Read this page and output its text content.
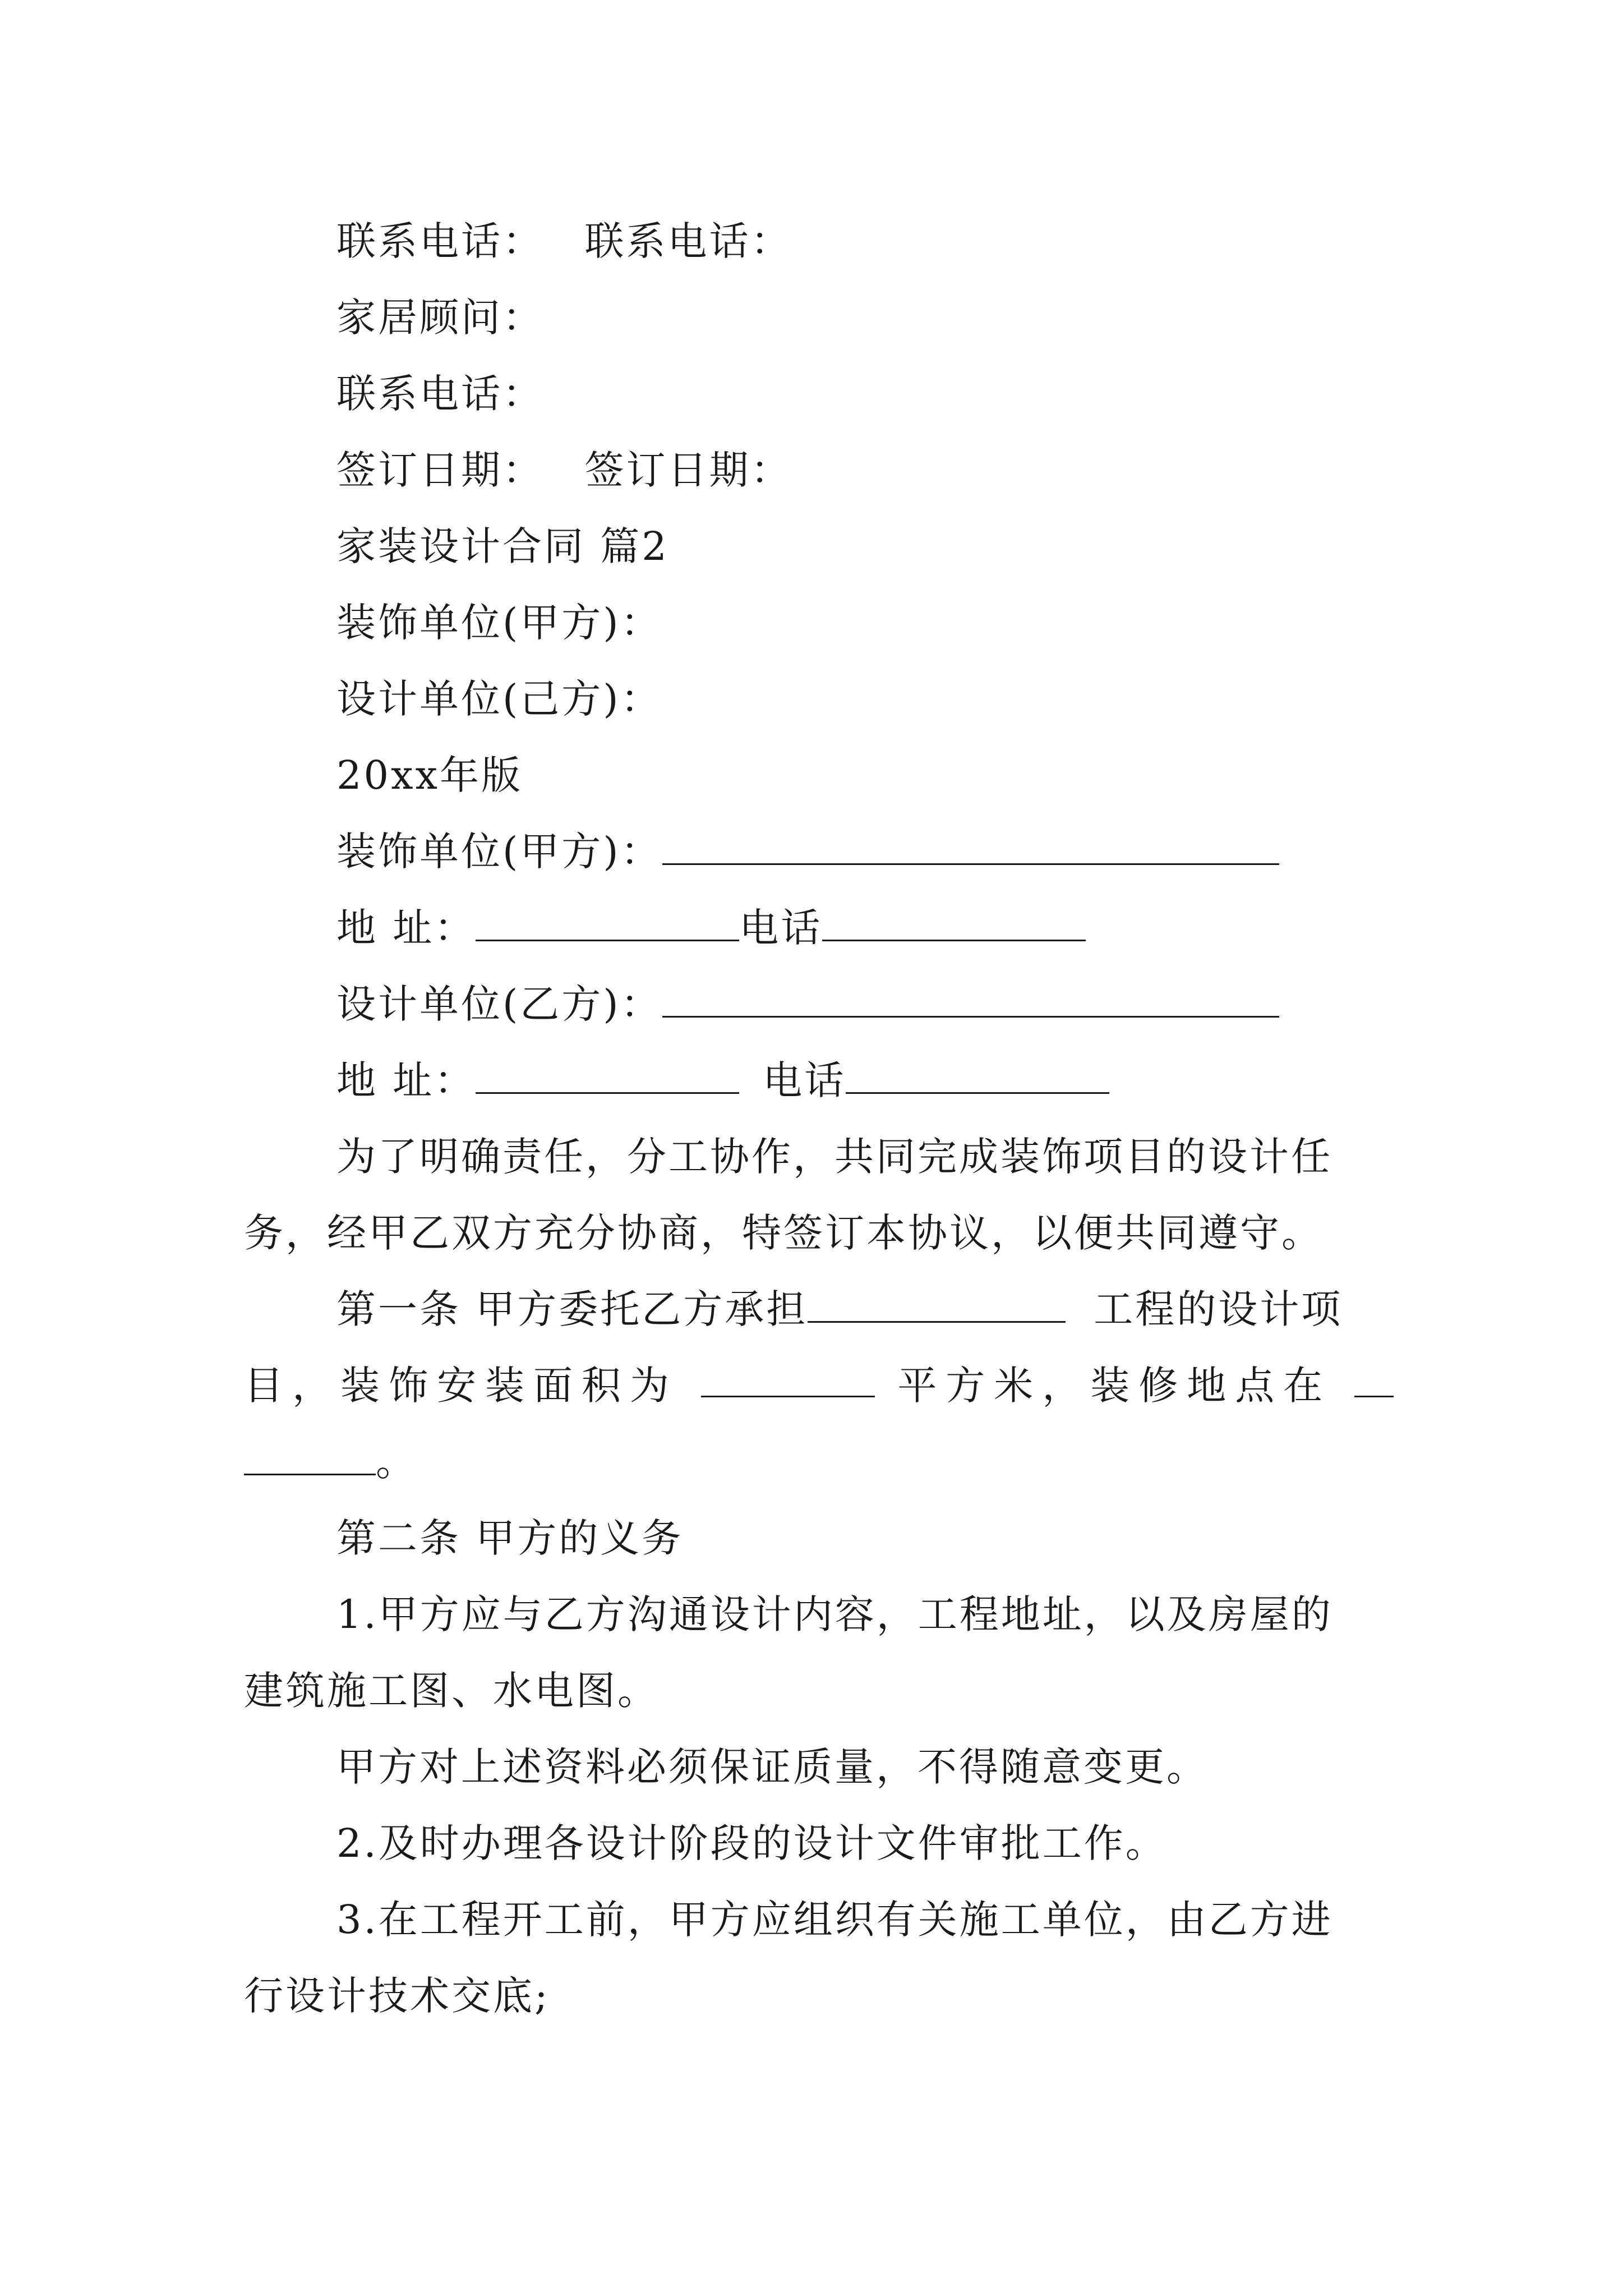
联系电话： 联系电话：
家居顾问：
联系电话：
签订日期： 签订日期：
家装设计合同 篇2
装饰单位(甲方)：
设计单位(己方)：
20xx年版
装饰单位(甲方)：
地 址：	电话
设计单位(乙方)：
地 址：	电话
为了明确责任，分工协作，共同完成装饰项目的设计任
务，经甲乙双方充分协商，特签订本协议，以便共同遵守。
第一条 甲方委托乙方承担	工程的设计项
目，装饰安装面积为	平方米，装修地点在
。
第二条 甲方的义务
1.甲方应与乙方沟通设计内容，工程地址，以及房屋的
建筑施工图、水电图。
甲方对上述资料必须保证质量，不得随意变更。
2.及时办理各设计阶段的设计文件审批工作。
3.在工程开工前，甲方应组织有关施工单位，由乙方进
行设计技术交底;
